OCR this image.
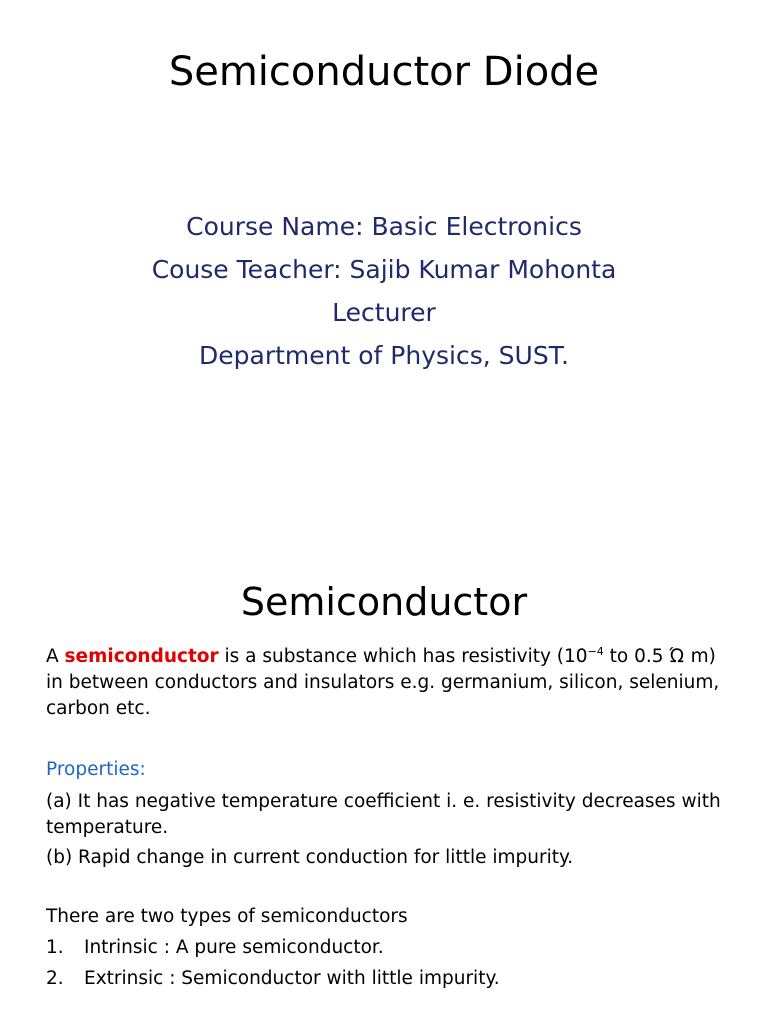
Semiconductor Diode
Course Name: Basic Electronics
Couse Teacher: Sajib Kumar Mohonta
Lecturer
Department of Physics, SUST.
Semiconductor

A semiconductor is a substance which has resistivity ($10^{-4}$ to 0.5 Ώ m) in between conductors and insulators e.g. germanium, silicon, selenium, carbon etc.

Properties:

(a) It has negative temperature coefficient i. e. resistivity decreases with temperature.

(b) Rapid change in current conduction for little impurity.

There are two types of semiconductors
1.	Intrinsic : A pure semiconductor.
2.	Extrinsic : Semiconductor with little impurity.
